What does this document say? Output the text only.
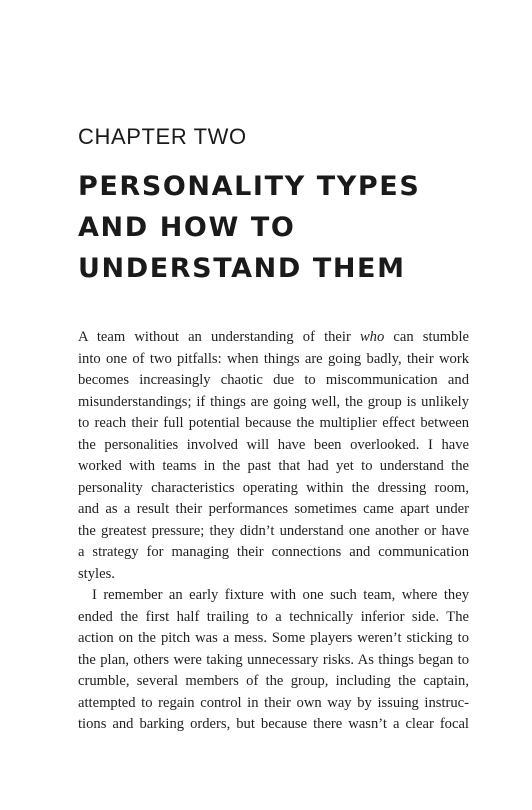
CHAPTER TWO
PERSONALITY TYPES
AND HOW TO
UNDERSTAND THEM
A team without an understanding of their who can stumble
into one of two pitfalls: when things are going badly, their work
becomes increasingly chaotic due to miscommunication and
misunderstandings; if things are going well, the group is unlikely
to reach their full potential because the multiplier effect between
the personalities involved will have been overlooked. I have
worked with teams in the past that had yet to understand the
personality characteristics operating within the dressing room,
and as a result their performances sometimes came apart under
the greatest pressure; they didn’t understand one another or have
a strategy for managing their connections and communication
styles.
I remember an early fixture with one such team, where they
ended the first half trailing to a technically inferior side. The
action on the pitch was a mess. Some players weren’t sticking to
the plan, others were taking unnecessary risks. As things began to
crumble, several members of the group, including the captain,
attempted to regain control in their own way by issuing instruc-
tions and barking orders, but because there wasn’t a clear focal
